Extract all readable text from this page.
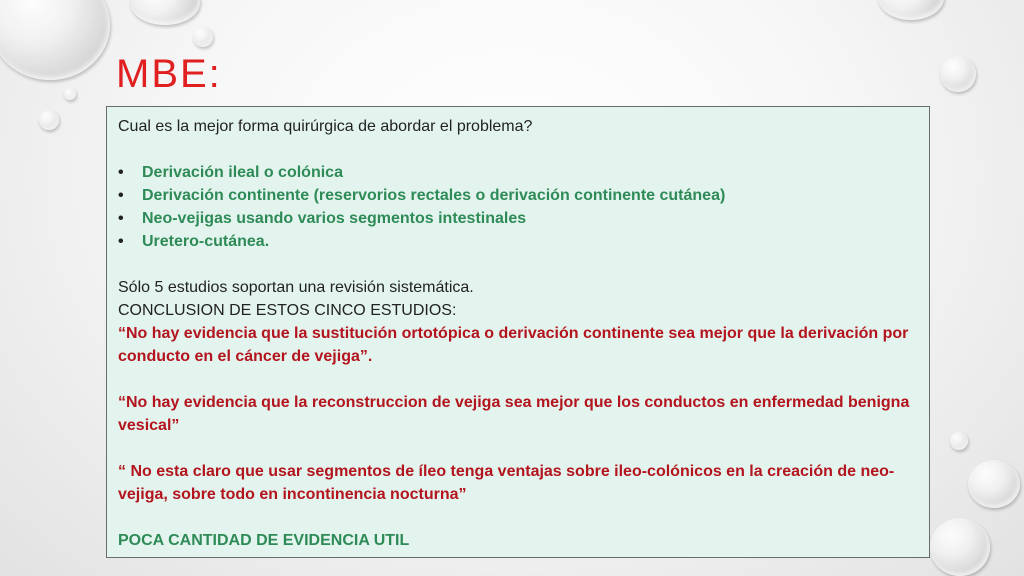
MBE:

Cual es la mejor forma quirúrgica de abordar el problema?

• Derivación ileal o colónica
• Derivación continente (reservorios rectales o derivación continente cutánea)
• Neo-vejigas usando varios segmentos intestinales
• Uretero-cutánea.

Sólo 5 estudios soportan una revisión sistemática.

CONCLUSION DE ESTOS CINCO ESTUDIOS:

“No hay evidencia que la sustitución ortotópica o derivación continente sea mejor que la derivación por conducto en el cáncer de vejiga”.

“No hay evidencia que la reconstruccion de vejiga sea mejor que los conductos en enfermedad benigna vesical”

“ No esta claro que usar segmentos de íleo tenga ventajas sobre ileo-colónicos en la creación de neo-vejiga, sobre todo en incontinencia nocturna”

POCA CANTIDAD DE EVIDENCIA UTIL
